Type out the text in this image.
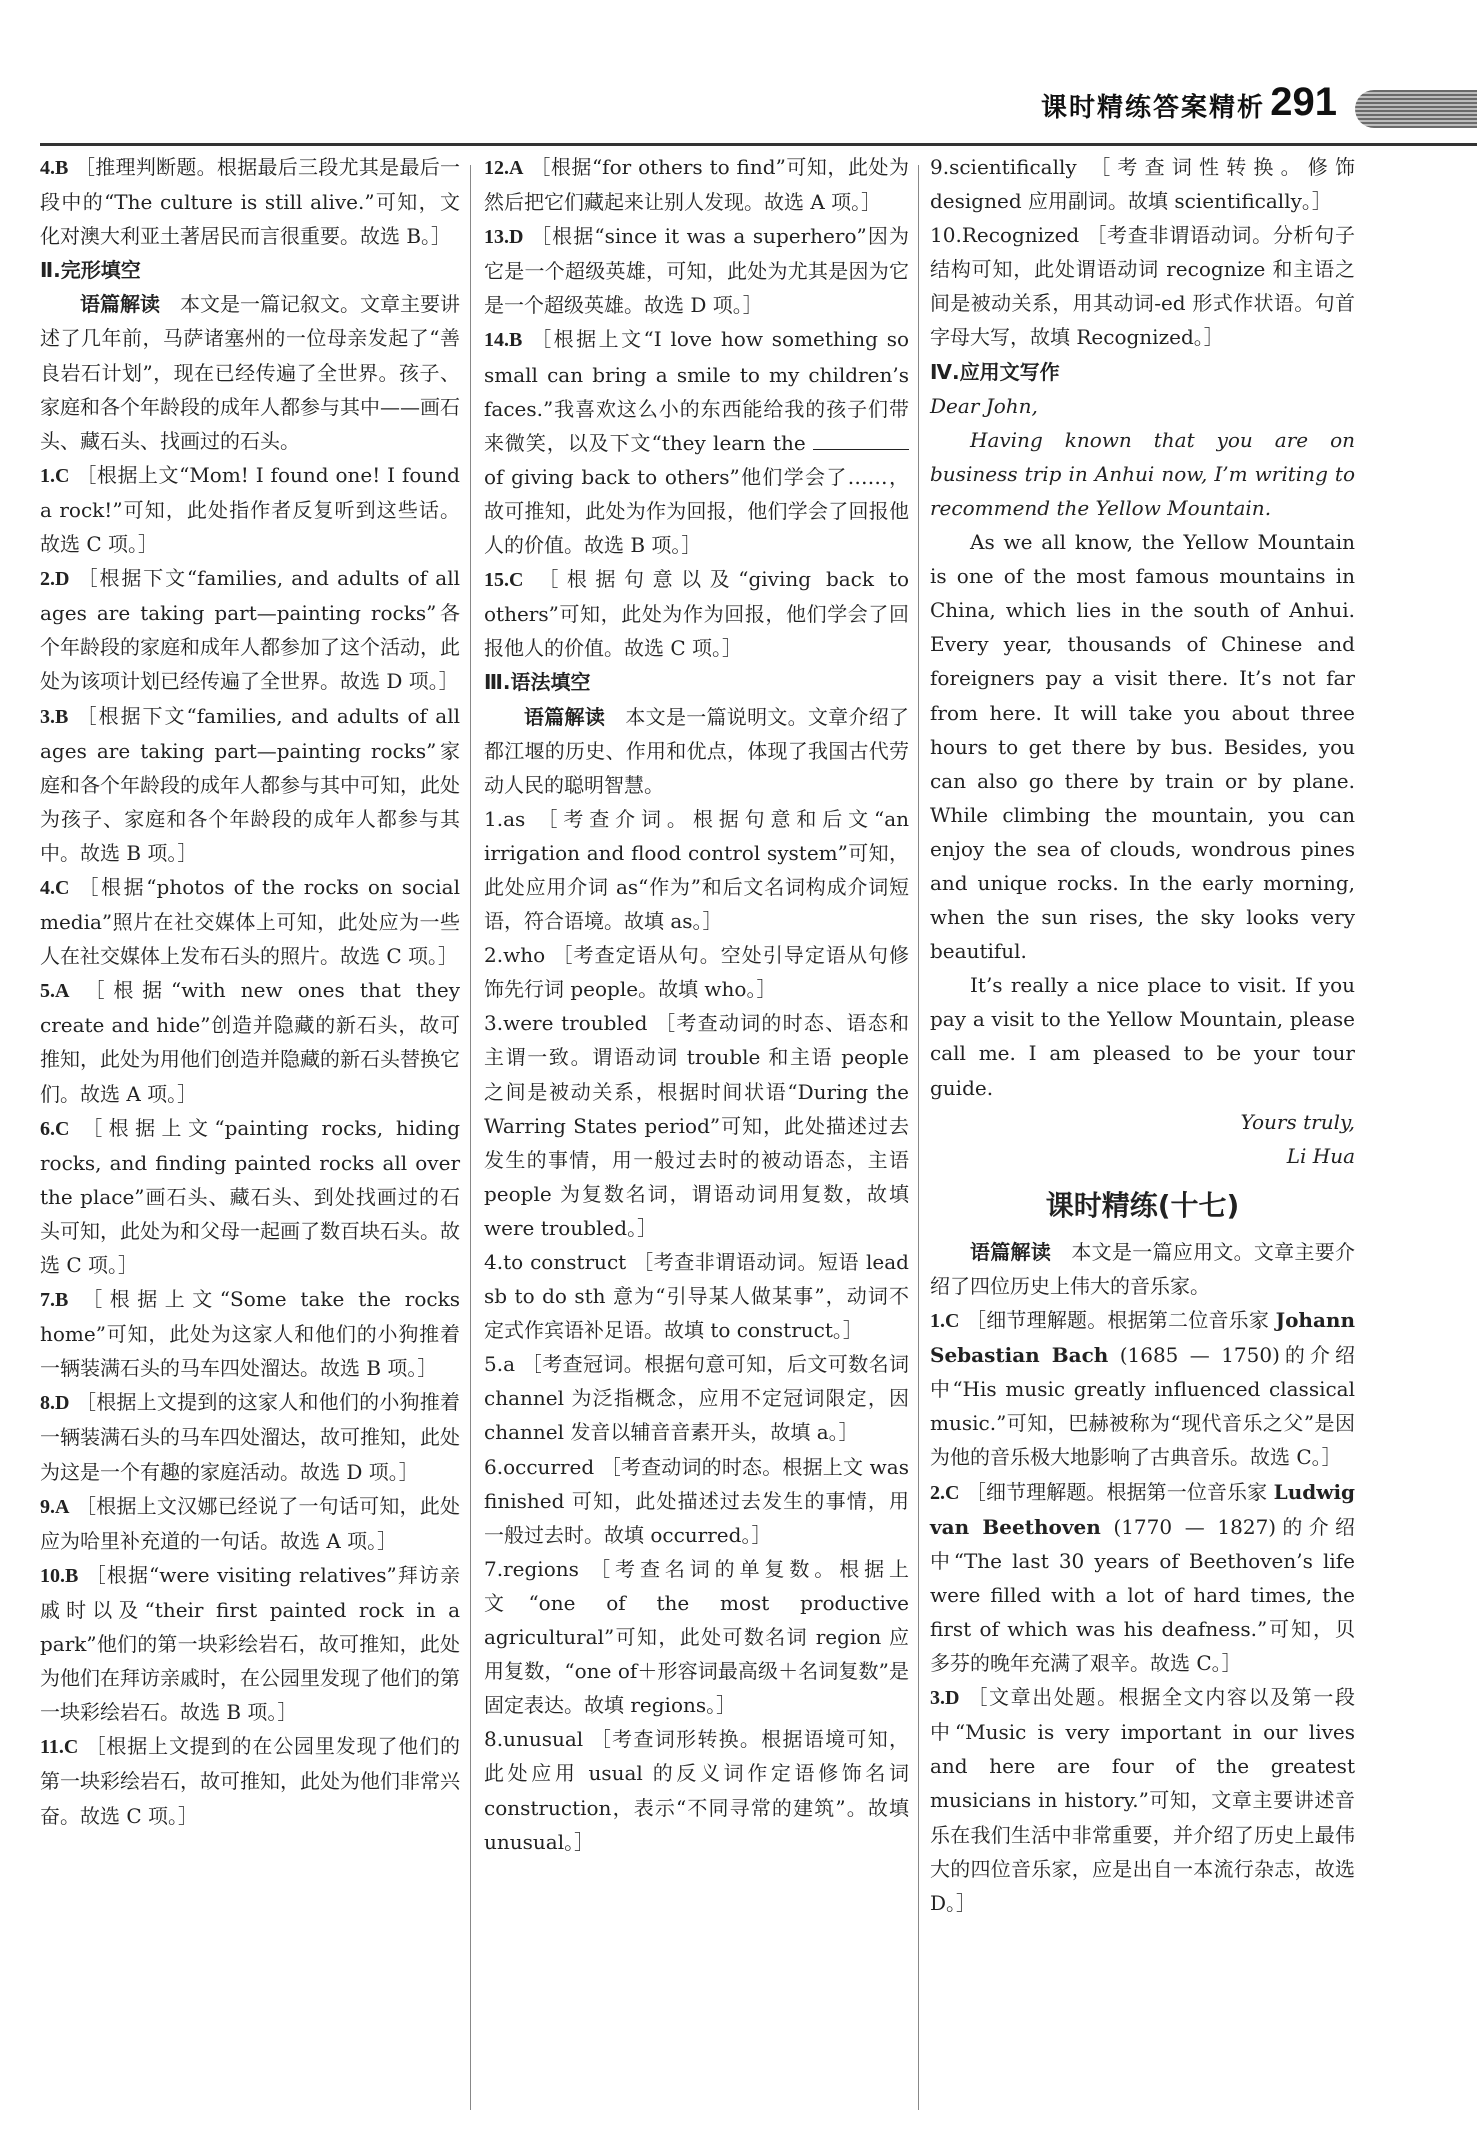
课时精练答案精析 291

4.B ［推理判断题。根据最后三段尤其是最后一段中的“The culture is still alive.”可知，文化对澳大利亚土著居民而言很重要。故选 B。］

Ⅱ.完形填空

语篇解读　 本文是一篇记叙文。文章主要讲述了几年前，马萨诸塞州的一位母亲发起了“善良岩石计划”，现在已经传遍了全世界。孩子、家庭和各个年龄段的成年人都参与其中——画石头、藏石头、找画过的石头。

1.C ［根据上文“Mom! I found one! I found a rock!”可知，此处指作者反复听到这些话。故选 C 项。］

2.D ［根据下文“families, and adults of all ages are taking part—painting rocks”各个年龄段的家庭和成年人都参加了这个活动，此处为该项计划已经传遍了全世界。故选 D 项。］

3.B ［根据下文“families, and adults of all ages are taking part—painting rocks”家庭和各个年龄段的成年人都参与其中可知，此处为孩子、家庭和各个年龄段的成年人都参与其中。故选 B 项。］

4.C ［根据“photos of the rocks on social media”照片在社交媒体上可知，此处应为一些人在社交媒体上发布石头的照片。故选 C 项。］

5.A ［根据“with new ones that they create and hide”创造并隐藏的新石头，故可推知，此处为用他们创造并隐藏的新石头替换它们。故选 A 项。］

6.C ［根据上文“painting rocks, hiding rocks, and finding painted rocks all over the place”画石头、藏石头、到处找画过的石头可知，此处为和父母一起画了数百块石头。故选 C 项。］

7.B ［根据上文“Some take the rocks home”可知，此处为这家人和他们的小狗推着一辆装满石头的马车四处溜达。故选 B 项。］

8.D ［根据上文提到的这家人和他们的小狗推着一辆装满石头的马车四处溜达，故可推知，此处为这是一个有趣的家庭活动。故选 D 项。］

9.A ［根据上文汉娜已经说了一句话可知，此处应为哈里补充道的一句话。故选 A 项。］

10.B ［根据“were visiting relatives”拜访亲戚时以及“their first painted rock in a park”他们的第一块彩绘岩石，故可推知，此处为他们在拜访亲戚时，在公园里发现了他们的第一块彩绘岩石。故选 B 项。］

11.C ［根据上文提到的在公园里发现了他们的第一块彩绘岩石，故可推知，此处为他们非常兴奋。故选 C 项。］

12.A ［根据“for others to find”可知，此处为然后把它们藏起来让别人发现。故选 A 项。］

13.D ［根据“since it was a superhero”因为它是一个超级英雄，可知，此处为尤其是因为它是一个超级英雄。故选 D 项。］

14.B ［根据上文“I love how something so small can bring a smile to my children’s faces.”我喜欢这么小的东西能给我的孩子们带来微笑，以及下文“they learn the  of giving back to others”他们学会了……，故可推知，此处为作为回报，他们学会了回报他人的价值。故选 B 项。］

15.C ［根据句意以及“giving back to others”可知，此处为作为回报，他们学会了回报他人的价值。故选 C 项。］

Ⅲ.语法填空

语篇解读　 本文是一篇说明文。文章介绍了都江堰的历史、作用和优点，体现了我国古代劳动人民的聪明智慧。

1.as ［考查介词。根据句意和后文“an irrigation and flood control system”可知，此处应用介词 as“作为”和后文名词构成介词短语，符合语境。故填 as。］

2.who ［考查定语从句。空处引导定语从句修饰先行词 people。故填 who。］

3.were troubled ［考查动词的时态、语态和主谓一致。谓语动词 trouble 和主语 people 之间是被动关系，根据时间状语“During the Warring States period”可知，此处描述过去发生的事情，用一般过去时的被动语态，主语 people 为复数名词，谓语动词用复数，故填 were troubled。］

4.to construct ［考查非谓语动词。短语 lead sb to do sth 意为“引导某人做某事”，动词不定式作宾语补足语。故填 to construct。］

5.a ［考查冠词。根据句意可知，后文可数名词 channel 为泛指概念，应用不定冠词限定，因 channel 发音以辅音音素开头，故填 a。］

6.occurred ［考查动词的时态。根据上文 was finished 可知，此处描述过去发生的事情，用一般过去时。故填 occurred。］

7.regions ［考查名词的单复数。根据上文“one of the most productive agricultural”可知，此处可数名词 region 应用复数，“one of＋形容词最高级＋名词复数”是固定表达。故填 regions。］

8.unusual ［考查词形转换。根据语境可知，此处应用 usual 的反义词作定语修饰名词 construction，表示“不同寻常的建筑”。故填 unusual。］

9.scientifically ［考查词性转换。修饰 designed 应用副词。故填 scientifically。］

10.Recognized ［考查非谓语动词。分析句子结构可知，此处谓语动词 recognize 和主语之间是被动关系，用其动词-ed 形式作状语。句首字母大写，故填 Recognized。］

Ⅳ.应用文写作

Dear John,

Having known that you are on business trip in Anhui now, I’m writing to recommend the Yellow Mountain.

As we all know, the Yellow Mountain is one of the most famous mountains in China, which lies in the south of Anhui. Every year, thousands of Chinese and foreigners pay a visit there. It’s not far from here. It will take you about three hours to get there by bus. Besides, you can also go there by train or by plane. While climbing the mountain, you can enjoy the sea of clouds, wondrous pines and unique rocks. In the early morning, when the sun rises, the sky looks very beautiful.

It’s really a nice place to visit. If you pay a visit to the Yellow Mountain, please call me. I am pleased to be your tour guide.

Yours truly,

Li Hua

课时精练(十七)

语篇解读　 本文是一篇应用文。文章主要介绍了四位历史上伟大的音乐家。

1.C ［细节理解题。根据第二位音乐家 Johann Sebastian Bach (1685 — 1750)的介绍中“His music greatly influenced classical music.”可知，巴赫被称为“现代音乐之父”是因为他的音乐极大地影响了古典音乐。故选 C。］

2.C ［细节理解题。根据第一位音乐家 Ludwig van Beethoven (1770 — 1827)的介绍中“The last 30 years of Beethoven’s life were filled with a lot of hard times, the first of which was his deafness.”可知，贝多芬的晚年充满了艰辛。故选 C。］

3.D ［文章出处题。根据全文内容以及第一段中“Music is very important in our lives and here are four of the greatest musicians in history.”可知，文章主要讲述音乐在我们生活中非常重要，并介绍了历史上最伟大的四位音乐家，应是出自一本流行杂志，故选 D。］
